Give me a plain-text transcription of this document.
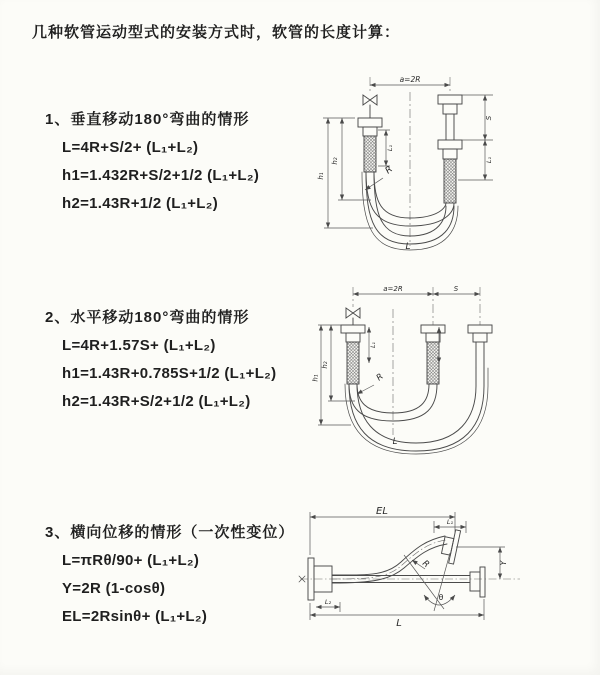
几种软管运动型式的安装方式时，软管的长度计算：
1、垂直移动180°弯曲的情形
L=4R+S/2+ (L₁+L₂)
h1=1.432R+S/2+1/2 (L₁+L₂)
h2=1.43R+1/2 (L₁+L₂)
a=2R
h₁
h₂
L₁
S
L₁
R
L
2、水平移动180°弯曲的情形
L=4R+1.57S+ (L₁+L₂)
h1=1.43R+0.785S+1/2 (L₁+L₂)
h2=1.43R+S/2+1/2 (L₁+L₂)
a=2R	S
h₁
h₂
L₁
R
L
3、横向位移的情形（一次性变位）
L=πRθ/90+ (L₁+L₂)
Y=2R (1-cosθ)
EL=2Rsinθ+ (L₁+L₂)
EL
L₁
Y
R
θ
L
L₂
